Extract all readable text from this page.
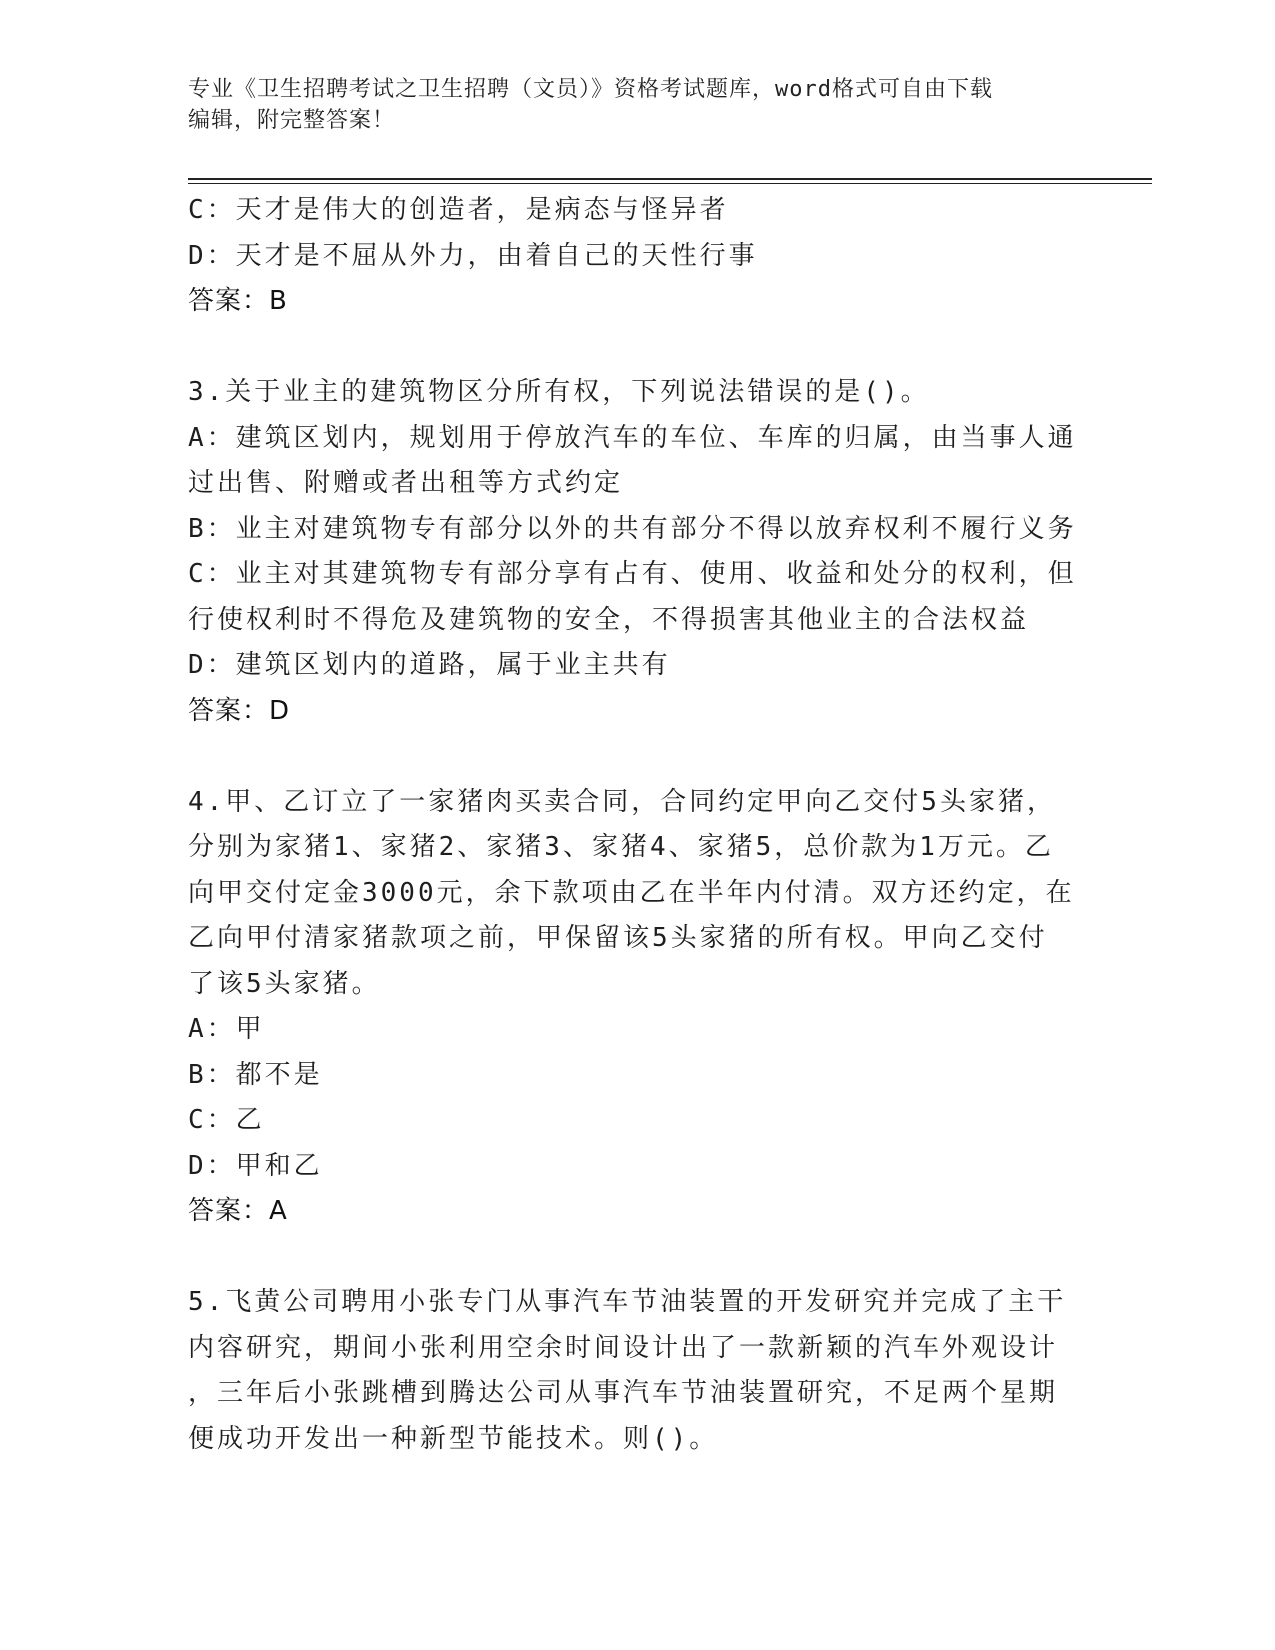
专业《卫生招聘考试之卫生招聘（文员）》资格考试题库，word格式可自由下载
编辑，附完整答案！
C：天才是伟大的创造者，是病态与怪异者
D：天才是不屈从外力，由着自己的天性行事
答案：B
3.关于业主的建筑物区分所有权，下列说法错误的是()。
A：建筑区划内，规划用于停放汽车的车位、车库的归属，由当事人通
过出售、附赠或者出租等方式约定
B：业主对建筑物专有部分以外的共有部分不得以放弃权利不履行义务
C：业主对其建筑物专有部分享有占有、使用、收益和处分的权利，但
行使权利时不得危及建筑物的安全，不得损害其他业主的合法权益
D：建筑区划内的道路，属于业主共有
答案：D
4.甲、乙订立了一家猪肉买卖合同，合同约定甲向乙交付5头家猪，
分别为家猪1、家猪2、家猪3、家猪4、家猪5，总价款为1万元。乙
向甲交付定金3000元，余下款项由乙在半年内付清。双方还约定，在
乙向甲付清家猪款项之前，甲保留该5头家猪的所有权。甲向乙交付
了该5头家猪。
A：甲
B：都不是
C：乙
D：甲和乙
答案：A
5.飞黄公司聘用小张专门从事汽车节油装置的开发研究并完成了主干
内容研究，期间小张利用空余时间设计出了一款新颖的汽车外观设计
，三年后小张跳槽到腾达公司从事汽车节油装置研究，不足两个星期
便成功开发出一种新型节能技术。则()。
